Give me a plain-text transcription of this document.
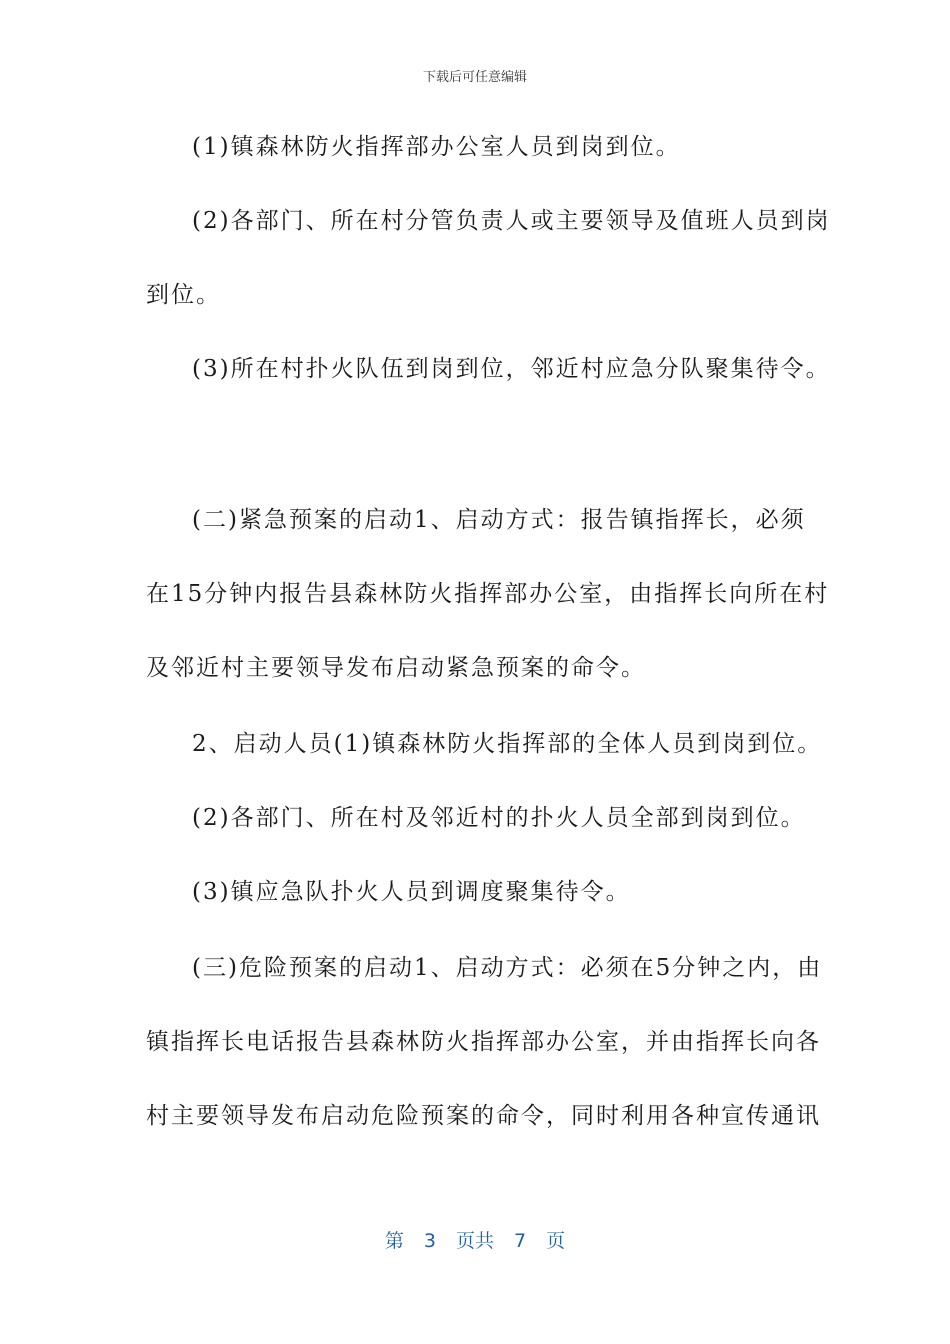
下载后可任意编辑
(1)镇森林防火指挥部办公室人员到岗到位。
(2)各部门、所在村分管负责人或主要领导及值班人员到岗
到位。
(3)所在村扑火队伍到岗到位，邻近村应急分队聚集待令。
(二)紧急预案的启动1、启动方式：报告镇指挥长，必须
在15分钟内报告县森林防火指挥部办公室，由指挥长向所在村
及邻近村主要领导发布启动紧急预案的命令。
2、启动人员(1)镇森林防火指挥部的全体人员到岗到位。
(2)各部门、所在村及邻近村的扑火人员全部到岗到位。
(3)镇应急队扑火人员到调度聚集待令。
(三)危险预案的启动1、启动方式：必须在5分钟之内，由
镇指挥长电话报告县森林防火指挥部办公室，并由指挥长向各
村主要领导发布启动危险预案的命令，同时利用各种宣传通讯
第 3 页共 7 页
